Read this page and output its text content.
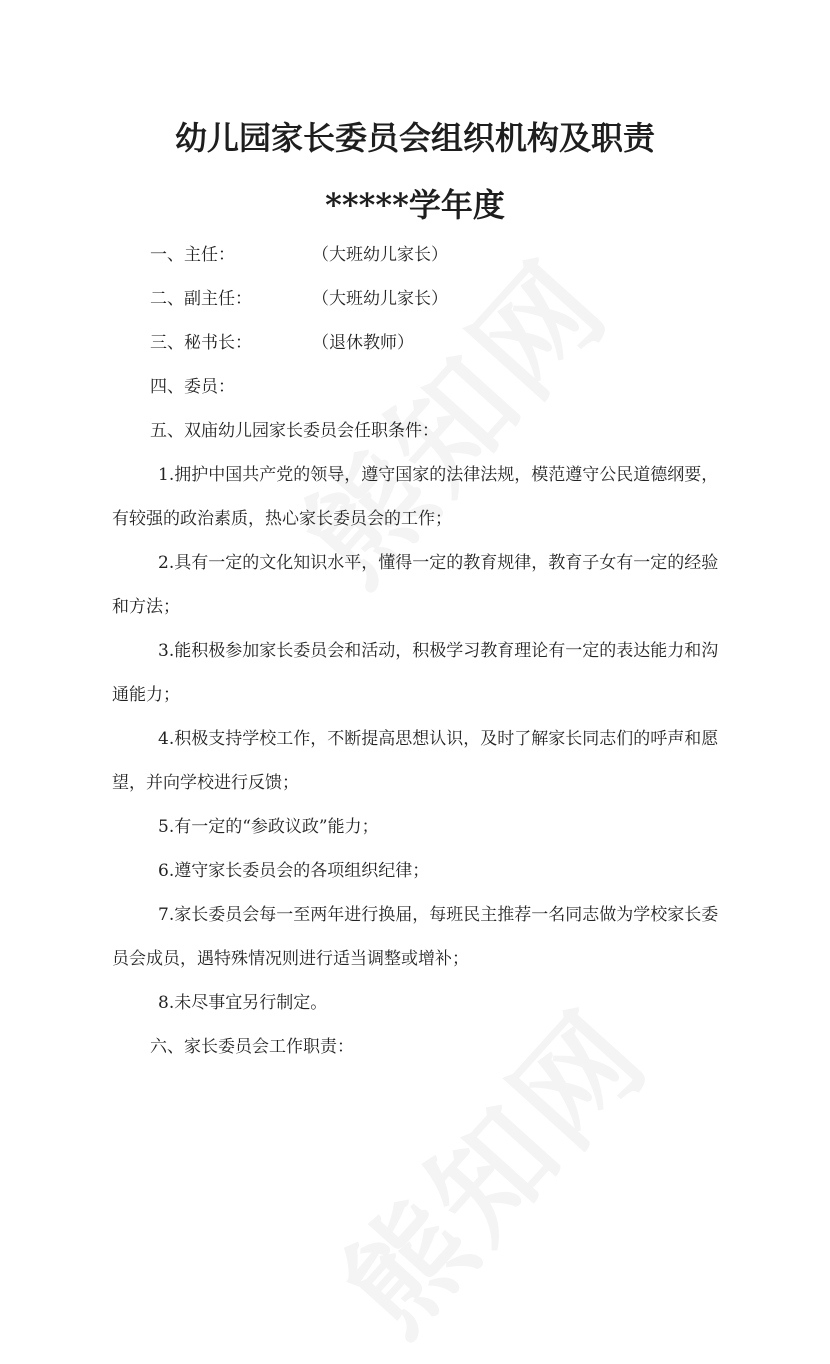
幼儿园家长委员会组织机构及职责
*****学年度
一、主任：	（大班幼儿家长）
二、副主任：	（大班幼儿家长）
三、秘书长：	（退休教师）
四、委员：

五、双庙幼儿园家长委员会任职条件：

1.拥护中国共产党的领导，遵守国家的法律法规，模范遵守公民道德纲要，

有较强的政治素质，热心家长委员会的工作；

2.具有一定的文化知识水平，懂得一定的教育规律，教育子女有一定的经验

和方法；

3.能积极参加家长委员会和活动，积极学习教育理论有一定的表达能力和沟

通能力；

4.积极支持学校工作，不断提高思想认识，及时了解家长同志们的呼声和愿

望，并向学校进行反馈；

5.有一定的“参政议政”能力；

6.遵守家长委员会的各项组织纪律；

7.家长委员会每一至两年进行换届，每班民主推荐一名同志做为学校家长委

员会成员，遇特殊情况则进行适当调整或增补；

8.未尽事宜另行制定。

六、家长委员会工作职责：
